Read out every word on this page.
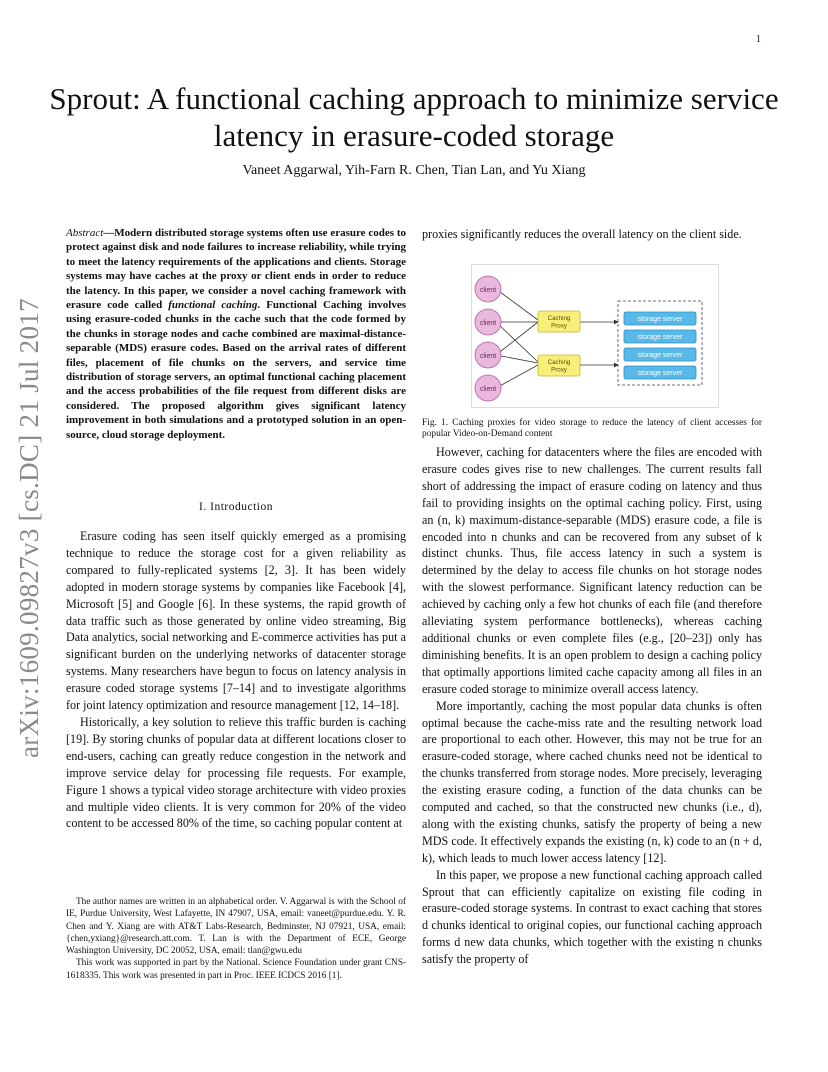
1
Sprout: A functional caching approach to minimize service latency in erasure-coded storage
Vaneet Aggarwal, Yih-Farn R. Chen, Tian Lan, and Yu Xiang
arXiv:1609.09827v3 [cs.DC] 21 Jul 2017
Abstract—Modern distributed storage systems often use erasure codes to protect against disk and node failures to increase reliability, while trying to meet the latency requirements of the applications and clients. Storage systems may have caches at the proxy or client ends in order to reduce the latency. In this paper, we consider a novel caching framework with erasure code called functional caching. Functional Caching involves using erasure-coded chunks in the cache such that the code formed by the chunks in storage nodes and cache combined are maximal-distance-separable (MDS) erasure codes. Based on the arrival rates of different files, placement of file chunks on the servers, and service time distribution of storage servers, an optimal functional caching placement and the access probabilities of the file request from different disks are considered. The proposed algorithm gives significant latency improvement in both simulations and a prototyped solution in an open-source, cloud storage deployment.
I. Introduction

Erasure coding has seen itself quickly emerged as a promising technique to reduce the storage cost for a given reliability as compared to fully-replicated systems [2, 3]. It has been widely adopted in modern storage systems by companies like Facebook [4], Microsoft [5] and Google [6]. In these systems, the rapid growth of data traffic such as those generated by online video streaming, Big Data analytics, social networking and E-commerce activities has put a significant burden on the underlying networks of datacenter storage systems. Many researchers have begun to focus on latency analysis in erasure coded storage systems [7–14] and to investigate algorithms for joint latency optimization and resource management [12, 14–18].

Historically, a key solution to relieve this traffic burden is caching [19]. By storing chunks of popular data at different locations closer to end-users, caching can greatly reduce congestion in the network and improve service delay for processing file requests. For example, Figure 1 shows a typical video storage architecture with video proxies and multiple video clients. It is very common for 20% of the video content to be accessed 80% of the time, so caching popular content at

The author names are written in an alphabetical order. V. Aggarwal is with the School of IE, Purdue University, West Lafayette, IN 47907, USA, email: vaneet@purdue.edu. Y. R. Chen and Y. Xiang are with AT&T Labs-Research, Bedminster, NJ 07921, USA, email: {chen,yxiang}@research.att.com. T. Lan is with the Department of ECE, George Washington University, DC 20052, USA, email: tlan@gwu.edu

This work was supported in part by the National. Science Foundation under grant CNS-1618335. This work was presented in part in Proc. IEEE ICDCS 2016 [1].

proxies significantly reduces the overall latency on the client side.
client
client
client
client
Caching Proxy
Caching Proxy
storage server
storage server
storage server
storage server
Fig. 1. Caching proxies for video storage to reduce the latency of client accesses for popular Video-on-Demand content

However, caching for datacenters where the files are encoded with erasure codes gives rise to new challenges. The current results fall short of addressing the impact of erasure coding on latency and thus fail to providing insights on the optimal caching policy. First, using an (n, k) maximum-distance-separable (MDS) erasure code, a file is encoded into n chunks and can be recovered from any subset of k distinct chunks. Thus, file access latency in such a system is determined by the delay to access file chunks on hot storage nodes with the slowest performance. Significant latency reduction can be achieved by caching only a few hot chunks of each file (and therefore alleviating system performance bottlenecks), whereas caching additional chunks or even complete files (e.g., [20–23]) only has diminishing benefits. It is an open problem to design a caching policy that optimally apportions limited cache capacity among all files in an erasure coded storage to minimize overall access latency.

More importantly, caching the most popular data chunks is often optimal because the cache-miss rate and the resulting network load are proportional to each other. However, this may not be true for an erasure-coded storage, where cached chunks need not be identical to the chunks transferred from storage nodes. More precisely, leveraging the existing erasure coding, a function of the data chunks can be computed and cached, so that the constructed new chunks (i.e., d), along with the existing chunks, satisfy the property of being a new MDS code. It effectively expands the existing (n, k) code to an (n + d, k), which leads to much lower access latency [12].

In this paper, we propose a new functional caching approach called Sprout that can efficiently capitalize on existing file coding in erasure-coded storage systems. In contrast to exact caching that stores d chunks identical to original copies, our functional caching approach forms d new data chunks, which together with the existing n chunks satisfy the property of
